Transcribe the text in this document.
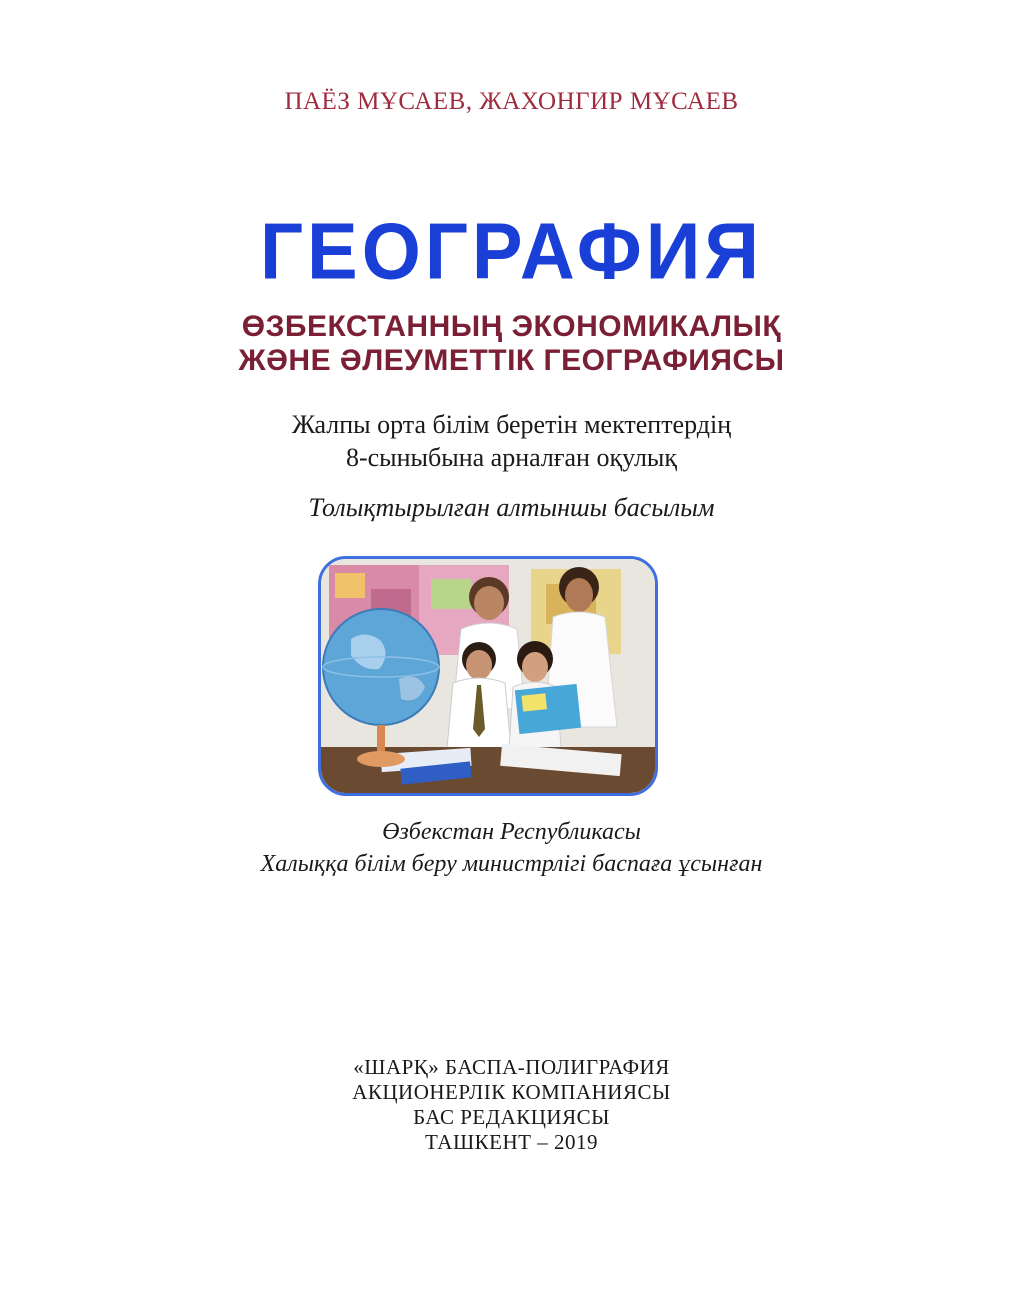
ПАЁЗ МҰСАЕВ, ЖАХОНГИР МҰСАЕВ
ГЕОГРАФИЯ
ӨЗБЕКСТАННЫҢ ЭКОНОМИКАЛЫҚ
ЖӘНЕ ӘЛЕУМЕТТІК ГЕОГРАФИЯСЫ
Жалпы орта білім беретін мектептердің
8-сыныбына арналған оқулық
Толықтырылған алтыншы басылым
Өзбекстан Республикасы
Халыққа білім беру министрлігі баспаға ұсынған
«ШАРҚ» БАСПА-ПОЛИГРАФИЯ
АКЦИОНЕРЛІК КОМПАНИЯСЫ
БАС РЕДАКЦИЯСЫ
ТАШКЕНТ – 2019
